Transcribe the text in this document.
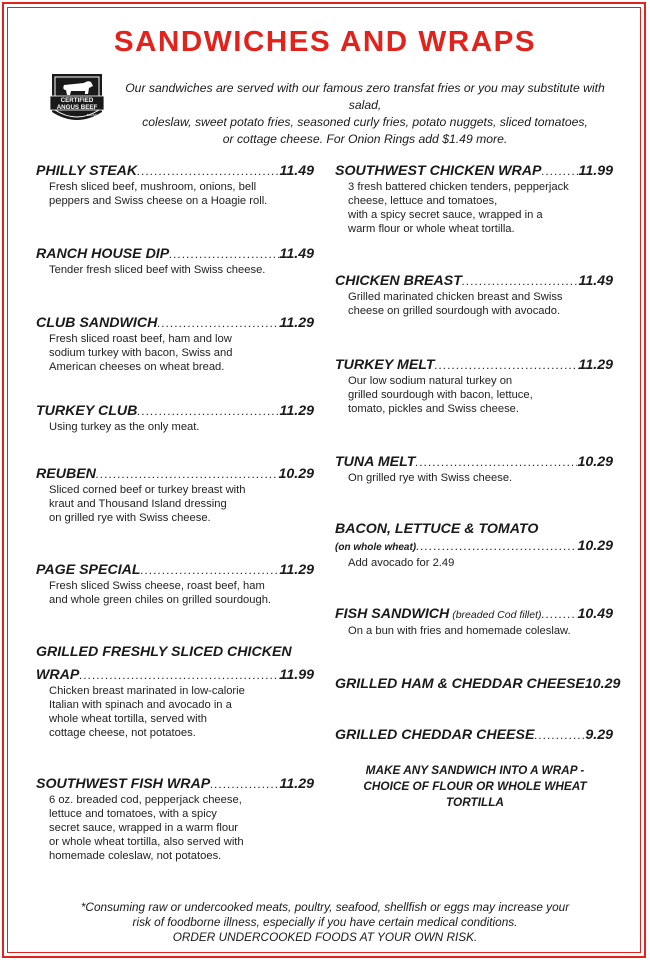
SANDWICHES AND WRAPS
CERTIFIED
ANGUS BEEF
BRAND
Our sandwiches are served with our famous zero transfat fries or you may substitute with salad,
coleslaw, sweet potato fries, seasoned curly fries, potato nuggets, sliced tomatoes,
or cottage cheese. For Onion Rings add $1.49 more.
PHILLY STEAK .....	11.49
Fresh sliced beef, mushroom, onions, bell
peppers and Swiss cheese on a Hoagie roll.
RANCH HOUSE DIP .....	11.49
Tender fresh sliced beef with Swiss cheese.
CLUB SANDWICH .....	11.29
Fresh sliced roast beef, ham and low
sodium turkey with bacon, Swiss and
American cheeses on wheat bread.
TURKEY CLUB .....	11.29
Using turkey as the only meat.
REUBEN .....	10.29
Sliced corned beef or turkey breast with
kraut and Thousand Island dressing
on grilled rye with Swiss cheese.
PAGE SPECIAL .....	11.29
Fresh sliced Swiss cheese, roast beef, ham
and whole green chiles on grilled sourdough.
GRILLED FRESHLY SLICED CHICKEN
WRAP .....	11.99
Chicken breast marinated in low-calorie
Italian with spinach and avocado in a
whole wheat tortilla, served with
cottage cheese, not potatoes.
SOUTHWEST FISH WRAP .....	11.29
6 oz. breaded cod, pepperjack cheese,
lettuce and tomatoes, with a spicy
secret sauce, wrapped in a warm flour
or whole wheat tortilla, also served with
homemade coleslaw, not potatoes.
SOUTHWEST CHICKEN WRAP .....	11.99
3 fresh battered chicken tenders, pepperjack
cheese, lettuce and tomatoes,
with a spicy secret sauce, wrapped in a
warm flour or whole wheat tortilla.
CHICKEN BREAST .....	11.49
Grilled marinated chicken breast and Swiss
cheese on grilled sourdough with avocado.
TURKEY MELT .....	11.29
Our low sodium natural turkey on
grilled sourdough with bacon, lettuce,
tomato, pickles and Swiss cheese.
TUNA MELT .....	10.29
On grilled rye with Swiss cheese.
BACON, LETTUCE & TOMATO
(on whole wheat) .....	10.29
Add avocado for 2.49
FISH SANDWICH (breaded Cod fillet) .....	10.49
On a bun with fries and homemade coleslaw.
GRILLED HAM & CHEDDAR CHEESE 10.29
GRILLED CHEDDAR CHEESE .....	9.29
MAKE ANY SANDWICH INTO A WRAP -
CHOICE OF FLOUR OR WHOLE WHEAT
TORTILLA
*Consuming raw or undercooked meats, poultry, seafood, shellfish or eggs may increase your
risk of foodborne illness, especially if you have certain medical conditions.
ORDER UNDERCOOKED FOODS AT YOUR OWN RISK.
